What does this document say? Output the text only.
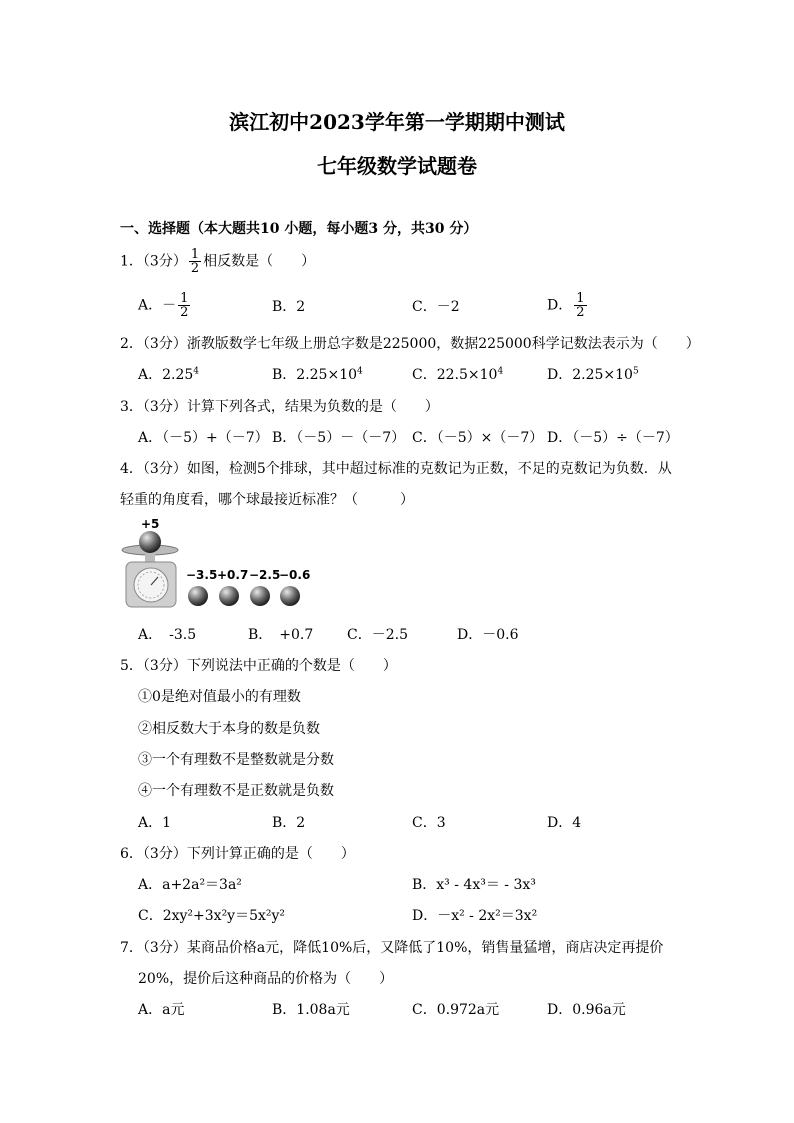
滨江初中2023学年第一学期期中测试
七年级数学试题卷
一、选择题（本大题共10 小题，每小题3 分，共30 分）
1．（3分） $\frac{1}{2}$ 相反数是（　　）
A．－ $\frac{1}{2}$	B．2	C．－2	D． $\frac{1}{2}$
2．（3分）浙教版数学七年级上册总字数是225000，数据225000科学记数法表示为（　　）
A．2.25$^4$	B．$2.25\times 10^4$	C．$22.5\times 10^4$	D．$2.25\times 10^5$
3．（3分）计算下列各式，结果为负数的是（　　）
A．（－5）+（－7） B．（－5）－（－7） C．（－5）×（－7） D．（－5）÷（－7）
4．（3分）如图，检测5个排球，其中超过标准的克数记为正数，不足的克数记为负数．从
轻重的角度看，哪个球最接近标准？（　　　）
+5
−3.5 +0.7 −2.5
−0.6
A．　-3.5	B．　+0.7 C．－2.5	D．－0.6
5．（3分）下列说法中正确的个数是（　　）
①0是绝对值最小的有理数
②相反数大于本身的数是负数
③一个有理数不是整数就是分数
④一个有理数不是正数就是负数
A．1	B．2	C．3	D．4
6．（3分）下列计算正确的是（　　）
A．a+2a²＝3a²	B．x³ - 4x³＝ - 3x³
C．2xy²+3x²y＝5x²y²	D．－x² - 2x²＝3x²
7．（3分）某商品价格a元，降低10%后，又降低了10%，销售量猛增，商店决定再提价
20%，提价后这种商品的价格为（　　）
A．a元	B．1.08a元	C．0.972a元	D．0.96a元
